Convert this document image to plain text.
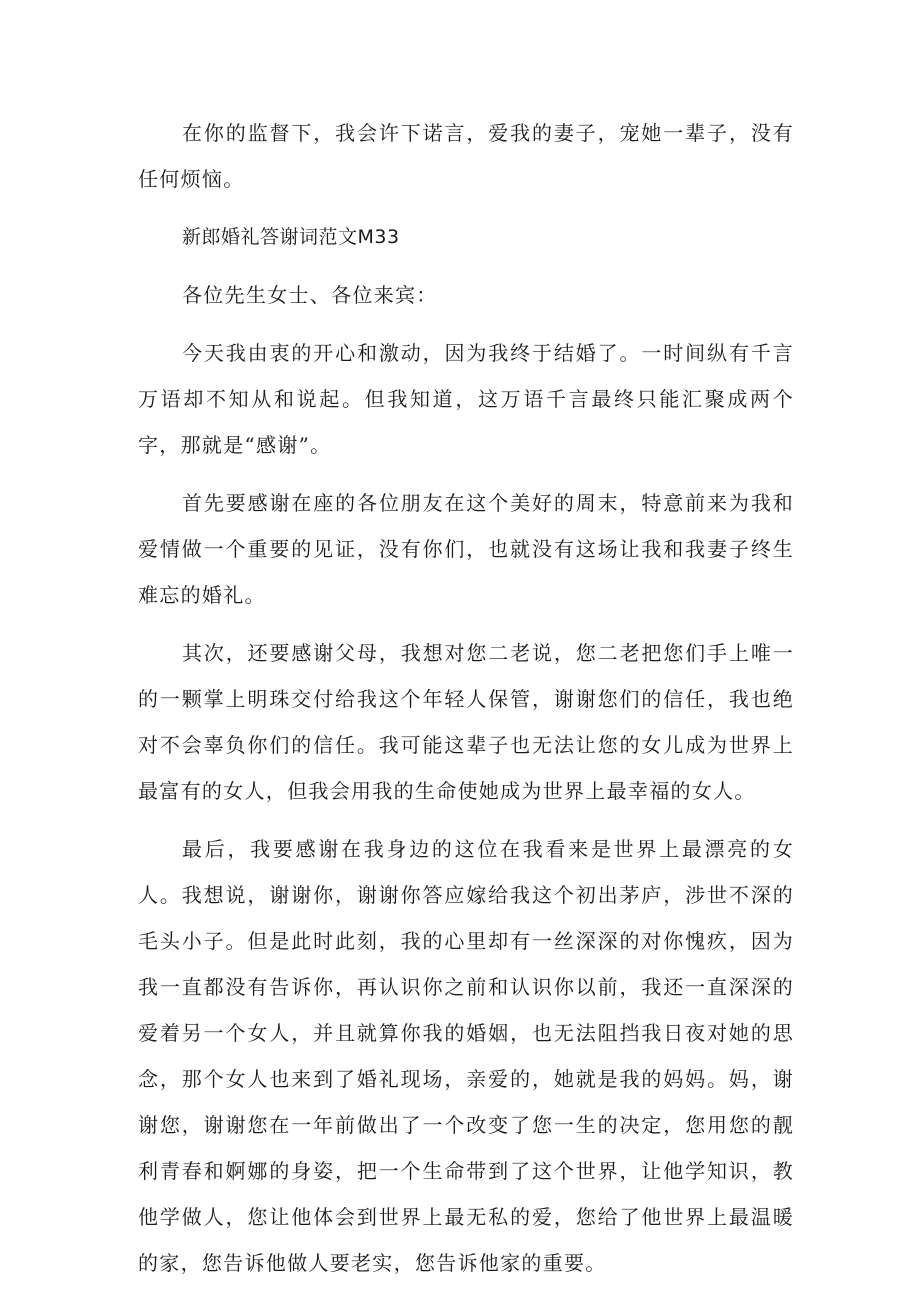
在你的监督下，我会许下诺言，爱我的妻子，宠她一辈子，没有任何烦恼。

新郎婚礼答谢词范文M33

各位先生女士、各位来宾：

今天我由衷的开心和激动，因为我终于结婚了。一时间纵有千言万语却不知从和说起。但我知道，这万语千言最终只能汇聚成两个字，那就是“感谢”。

首先要感谢在座的各位朋友在这个美好的周末，特意前来为我和爱情做一个重要的见证，没有你们，也就没有这场让我和我妻子终生难忘的婚礼。

其次，还要感谢父母，我想对您二老说，您二老把您们手上唯一的一颗掌上明珠交付给我这个年轻人保管，谢谢您们的信任，我也绝对不会辜负你们的信任。我可能这辈子也无法让您的女儿成为世界上最富有的女人，但我会用我的生命使她成为世界上最幸福的女人。

最后，我要感谢在我身边的这位在我看来是世界上最漂亮的女人。我想说，谢谢你，谢谢你答应嫁给我这个初出茅庐，涉世不深的毛头小子。但是此时此刻，我的心里却有一丝深深的对你愧疚，因为我一直都没有告诉你，再认识你之前和认识你以前，我还一直深深的爱着另一个女人，并且就算你我的婚姻，也无法阻挡我日夜对她的思念，那个女人也来到了婚礼现场，亲爱的，她就是我的妈妈。妈，谢谢您，谢谢您在一年前做出了一个改变了您一生的决定，您用您的靓利青春和婀娜的身姿，把一个生命带到了这个世界，让他学知识，教他学做人，您让他体会到世界上最无私的爱，您给了他世界上最温暖的家，您告诉他做人要老实，您告诉他家的重要。
